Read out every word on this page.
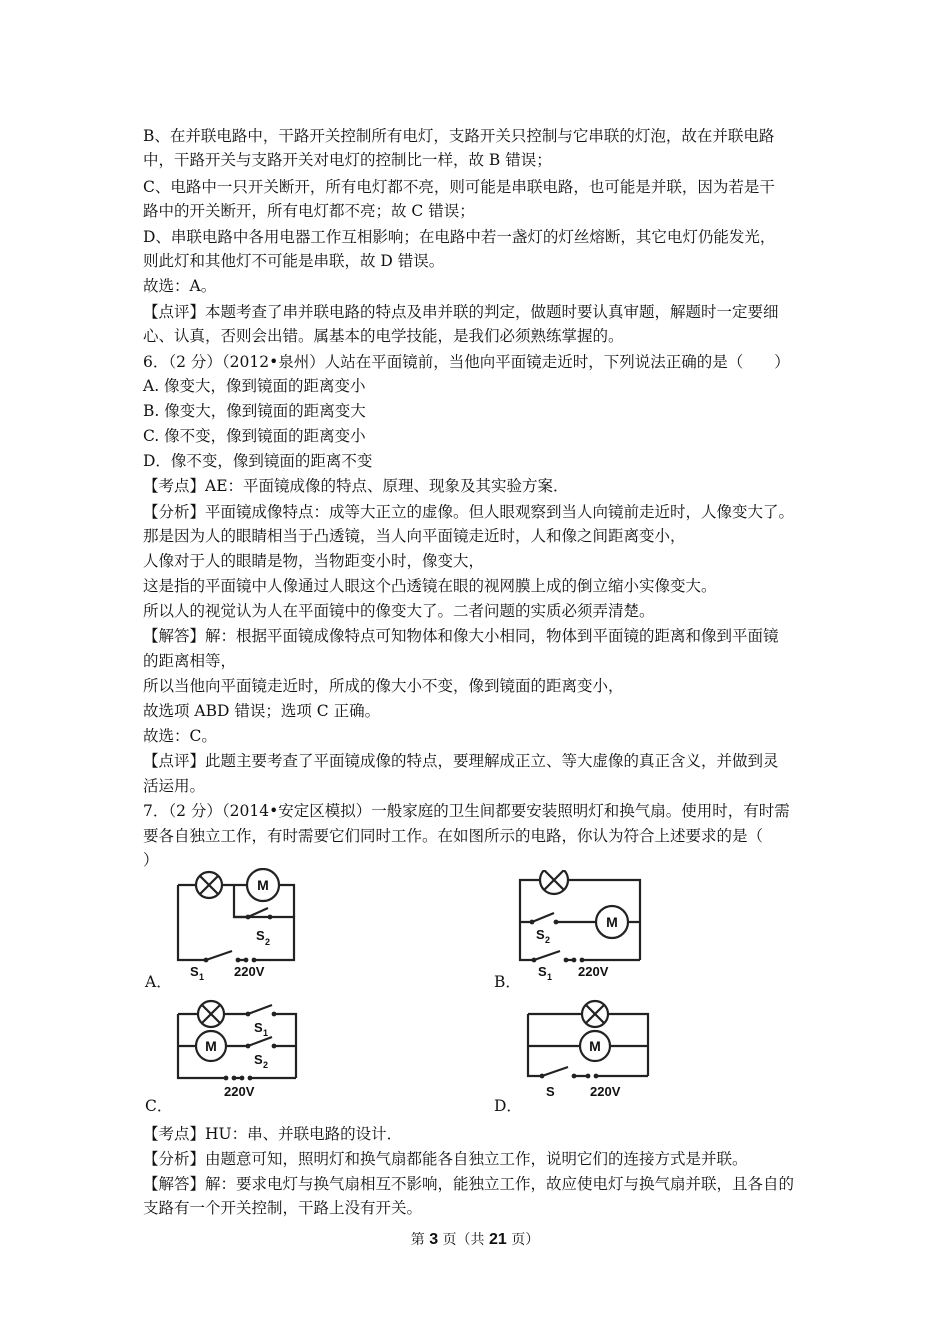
B、在并联电路中，干路开关控制所有电灯，支路开关只控制与它串联的灯泡，故在并联电路
中，干路开关与支路开关对电灯的控制比一样，故 B 错误；
C、电路中一只开关断开，所有电灯都不亮，则可能是串联电路，也可能是并联，因为若是干
路中的开关断开，所有电灯都不亮；故 C 错误；
D、串联电路中各用电器工作互相影响；在电路中若一盏灯的灯丝熔断，其它电灯仍能发光，
则此灯和其他灯不可能是串联，故 D 错误。
故选：A。
【点评】本题考查了串并联电路的特点及串并联的判定，做题时要认真审题，解题时一定要细
心、认真，否则会出错。属基本的电学技能，是我们必须熟练掌握的。
6．（2 分）（2012•泉州）人站在平面镜前，当他向平面镜走近时，下列说法正确的是（　　）
A. 像变大，像到镜面的距离变小
B. 像变大，像到镜面的距离变大
C. 像不变，像到镜面的距离变小
D．像不变，像到镜面的距离不变
【考点】AE：平面镜成像的特点、原理、现象及其实验方案．
【分析】平面镜成像特点：成等大正立的虚像。但人眼观察到当人向镜前走近时，人像变大了。
那是因为人的眼睛相当于凸透镜，当人向平面镜走近时，人和像之间距离变小，
人像对于人的眼睛是物，当物距变小时，像变大，
这是指的平面镜中人像通过人眼这个凸透镜在眼的视网膜上成的倒立缩小实像变大。
所以人的视觉认为人在平面镜中的像变大了。二者问题的实质必须弄清楚。
【解答】解：根据平面镜成像特点可知物体和像大小相同，物体到平面镜的距离和像到平面镜
的距离相等，
所以当他向平面镜走近时，所成的像大小不变，像到镜面的距离变小，
故选项 ABD 错误；选项 C 正确。
故选：C。
【点评】此题主要考查了平面镜成像的特点，要理解成正立、等大虚像的真正含义，并做到灵
活运用。
7．（2 分）（2014•安定区模拟）一般家庭的卫生间都要安装照明灯和换气扇。使用时，有时需
要各自独立工作，有时需要它们同时工作。在如图所示的电路，你认为符合上述要求的是（
）
M
S 2
S 1 220V
A．
M
S 2
S 1 220V
B．
M
S 1
S 2
220V
C．
M
S	220V
D．
【考点】HU：串、并联电路的设计．
【分析】由题意可知，照明灯和换气扇都能各自独立工作，说明它们的连接方式是并联。
【解答】解：要求电灯与换气扇相互不影响，能独立工作，故应使电灯与换气扇并联，且各自的
支路有一个开关控制，干路上没有开关。
第 3 页（共 21 页）
